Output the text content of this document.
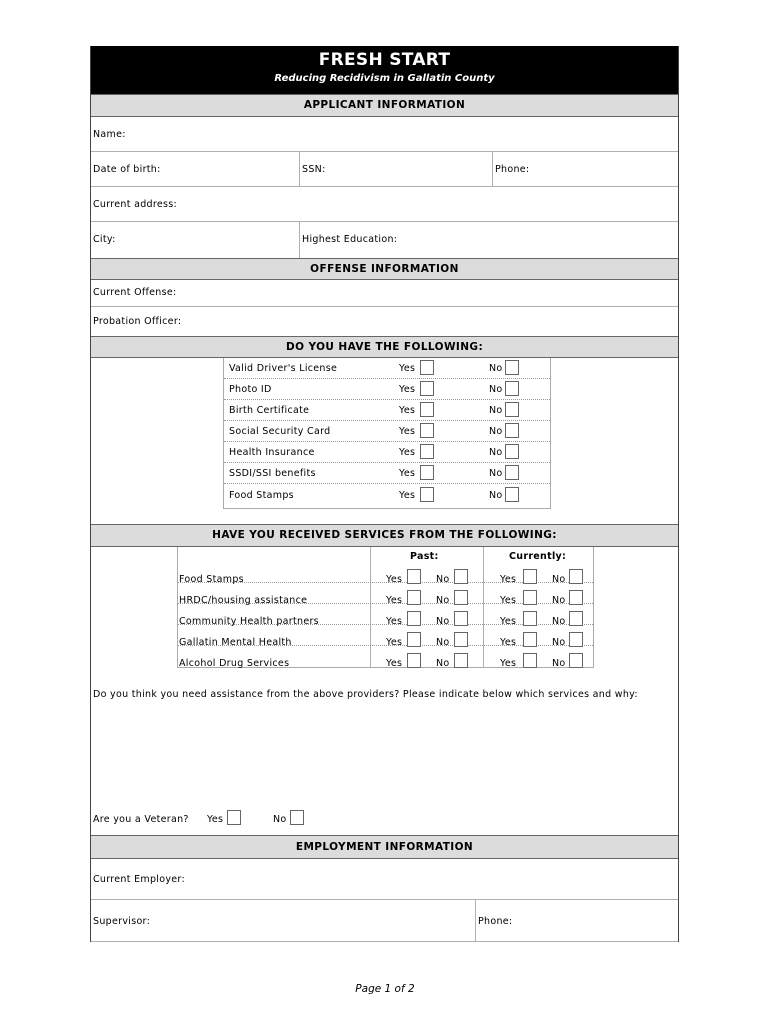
FRESH START
Reducing Recidivism in Gallatin County
APPLICANT INFORMATION
Name:
Date of birth:	SSN:	Phone:
Current address:
City:	Highest Education:
OFFENSE INFORMATION
Current Offense:
Probation Officer:
DO YOU HAVE THE FOLLOWING:
Valid Driver's License	Yes	No
Photo ID	Yes	No
Birth Certificate	Yes	No
Social Security Card	Yes	No
Health Insurance	Yes	No
SSDI/SSI benefits	Yes	No
Food Stamps	Yes	No
HAVE YOU RECEIVED SERVICES FROM THE FOLLOWING:
Past:	Currently:
Food Stamps	Yes	No	Yes	No
HRDC/housing assistance	Yes	No	Yes	No
Community Health partners	Yes	No	Yes	No
Gallatin Mental Health	Yes	No	Yes	No
Alcohol Drug Services	Yes	No	Yes	No
Do you think you need assistance from the above providers? Please indicate below which services and why:
Are you a Veteran? Yes	No
EMPLOYMENT INFORMATION
Current Employer:
Supervisor:	Phone:
Page 1 of 2
